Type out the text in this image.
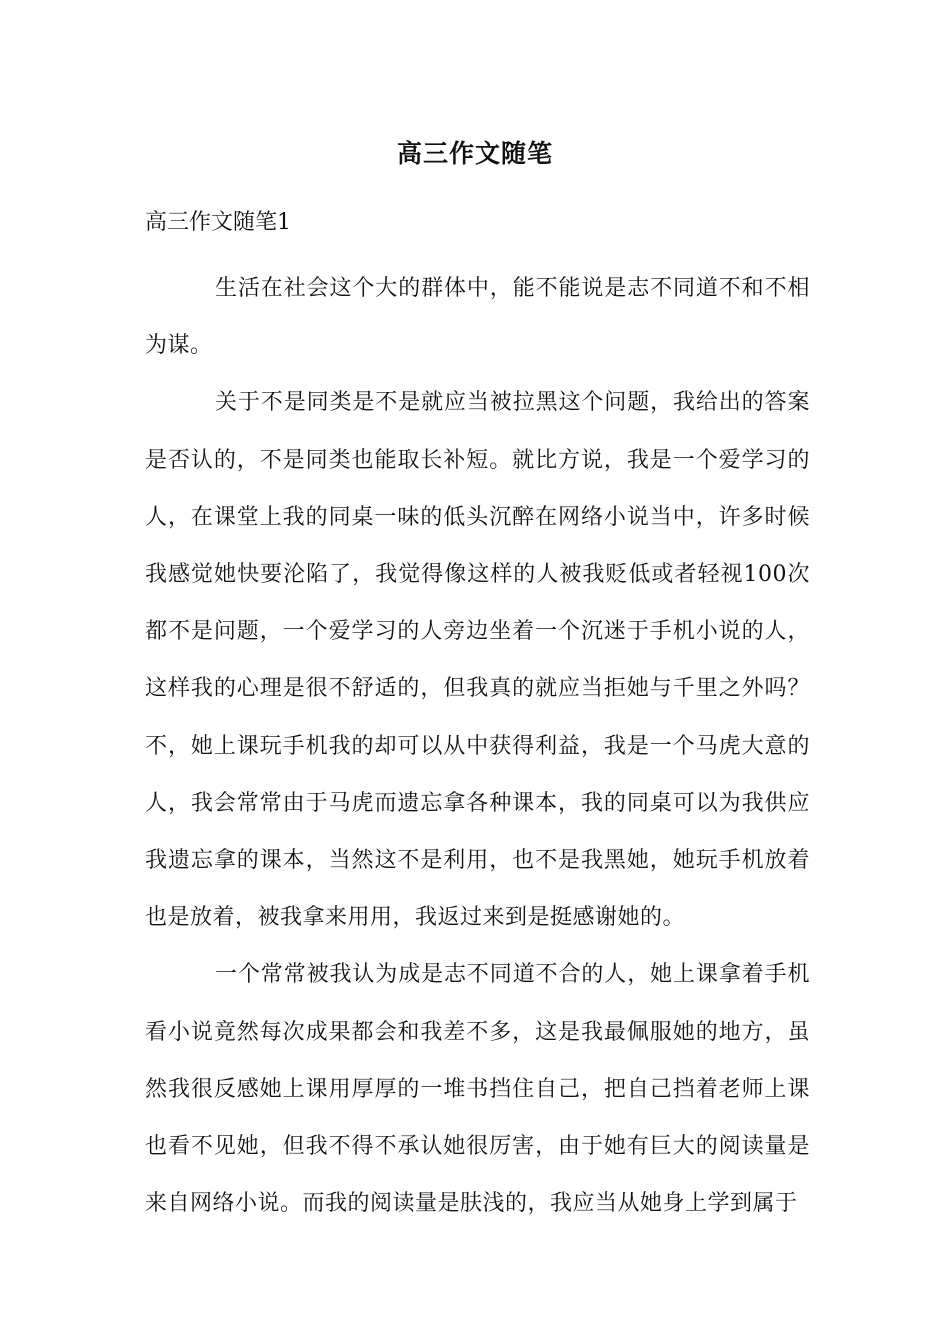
高三作文随笔
高三作文随笔1

生活在社会这个大的群体中，能不能说是志不同道不和不相为谋。

关于不是同类是不是就应当被拉黑这个问题，我给出的答案是否认的，不是同类也能取长补短。就比方说，我是一个爱学习的人，在课堂上我的同桌一味的低头沉醉在网络小说当中，许多时候我感觉她快要沦陷了，我觉得像这样的人被我贬低或者轻视100次都不是问题，一个爱学习的人旁边坐着一个沉迷于手机小说的人，这样我的心理是很不舒适的，但我真的就应当拒她与千里之外吗？不，她上课玩手机我的却可以从中获得利益，我是一个马虎大意的人，我会常常由于马虎而遗忘拿各种课本，我的同桌可以为我供应我遗忘拿的课本，当然这不是利用，也不是我黑她，她玩手机放着也是放着，被我拿来用用，我返过来到是挺感谢她的。

一个常常被我认为成是志不同道不合的人，她上课拿着手机看小说竟然每次成果都会和我差不多，这是我最佩服她的地方，虽然我很反感她上课用厚厚的一堆书挡住自己，把自己挡着老师上课也看不见她，但我不得不承认她很厉害，由于她有巨大的阅读量是来自网络小说。而我的阅读量是肤浅的，我应当从她身上学到属于
